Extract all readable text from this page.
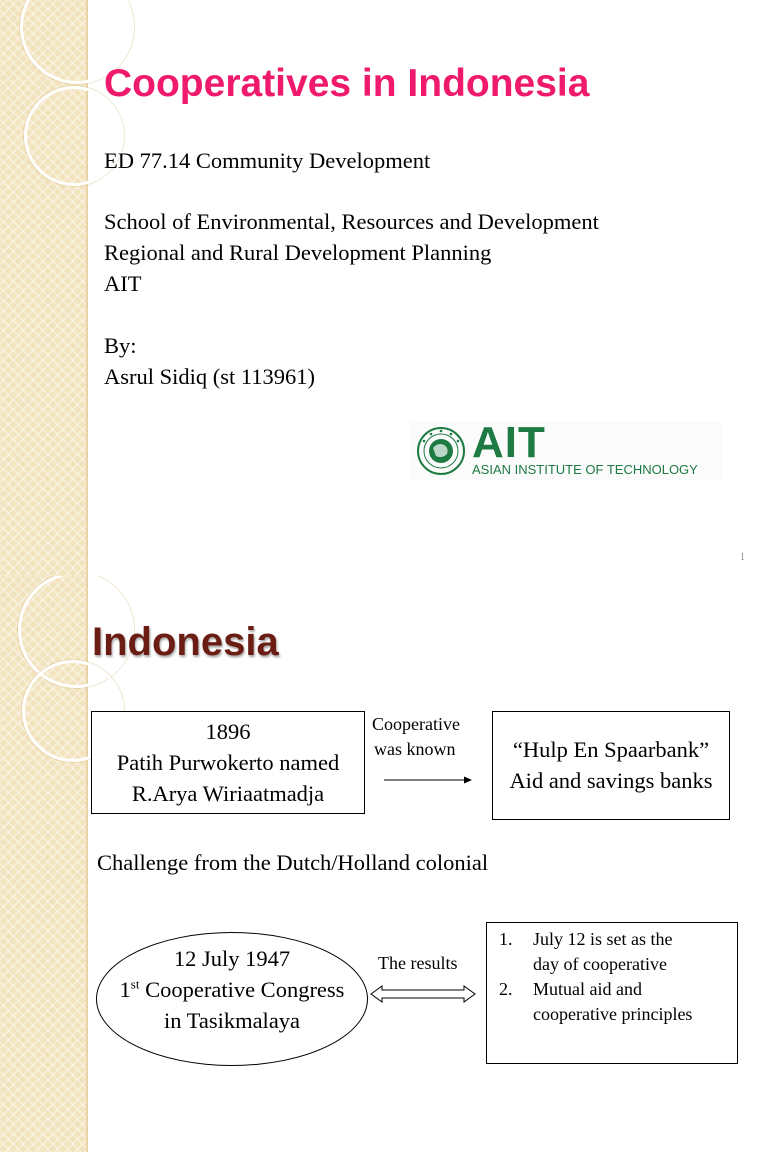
Cooperatives in Indonesia

ED 77.14 Community Development

School of Environmental, Resources and Development

Regional and Rural Development Planning

AIT

By:

Asrul Sidiq (st 113961)

AIT
ASIAN INSTITUTE OF TECHNOLOGY
1
Indonesia

1896

Patih Purwokerto named

R.Arya Wiriaatmadja

Cooperative
was known	“Hulp En Spaarbank”

Aid and savings banks

Challenge from the Dutch/Holland colonial

12 July 1947

1st Cooperative Congress

in Tasikmalaya

The results
1. July 12 is set as the
day of cooperative
2. Mutual aid and
cooperative principles
